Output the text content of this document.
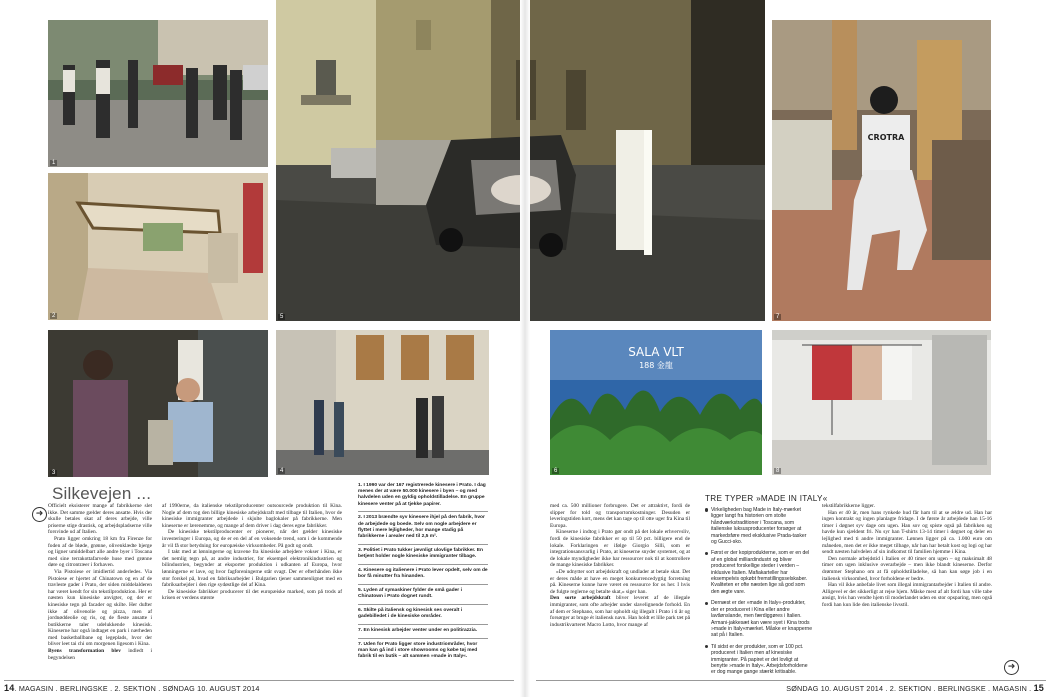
1
2	5
CROTRA
7
3	4
SALA VLT
188 金龍
6	8
Silkevejen ...
➜

Officielt eksisterer mange af fabrikkerne slet ikke. Det samme gælder deres ansatte. Hvis der skulle betales skat af deres arbejde, ville priserne stige drastisk, og arbejdspladserne ville forsvinde ud af Italien.

Prato ligger omkring 18 km fra Firenze for foden af de bløde, grønne, olivenklædte bjerge og ligner umiddelbart alle andre byer i Toscana med sine terrakottafarvede huse med grønne døre og citrontræer i forhaven.

Via Pistoiese er imidlertid anderledes. Via Pistoiese er hjertet af Chinatown og en af de travleste gader i Prato, der siden middelalderen har været kendt for sin tekstilproduktion. Her er næsten kun kinesiske anvigter, og der er kinesiske tegn på facader og skilte. Her dufter ikke af olivenolie og pizza, men af jordnøddeolie og ris, og de fleste ansatte i butikkerne taler udelukkende kinesisk. Kineserne har også indtaget en park i nærheden med basketballbane og legeplads, hvor der bliver leet tai chi om morgenen ligesom i Kina.

Byens transformation blev indledt i begyndelsen

af 1990erne, da italienske tekstilproducenter outsourcede produktion til Kina. Nogle af dem tog den billige kinesiske arbejdskraft med tilbage til Italien, hvor de kinesiske immigranter arbejdede i skjulte baglokaler på fabrikkerne. Men kineserne er lærenemme, og mange af dem driver i dag deres egne fabrikker.

De kinesiske tekstilproducenter er pionerer, når det gælder kinesiske investeringer i Europa, og de er en del af en voksende trend, som i de kommende år vil få stor betydning for europæiske virksomheder. På godt og ondt.

I takt med at lønningerne og kravene fra kinesiske arbejdere vokser i Kina, er det nemlig tegn på, at andre industrier, for eksempel elektronikindustrien og bilindustrien, begynder at eksporter produktion i udkanten af Europa, hvor lønningerne er lave, og hvor fagforeningerne står svagt. Der er efterhånden ikke stor forskel på, hvad en fabriksarbejder i Bulgarien tjener sammenlignet med en fabriksarbejder i den rige sydøstlige del af Kina.

De kinesiske fabrikker producerer til det europæiske marked, som på trods af krisen er verdens største

1. I 1990 var der 167 registrerede kinesere i Prato. I dag menes der at være 50.000 kinesere i byen – og med halvdelen uden en gyldig opholdstilladelse. En gruppe kinesere venter på at tjekke papirer.

2. I 2013 brændte syv kinesere ihjel på den fabrik, hvor de arbejdede og boede. Selv om nogle arbejdere er flyttet i mere lejligheder, hor mange stadig på fabrikkerne i arealer ned til 2,5 m².

3. Politiet i Prato tukker jævnligt ulovlige fabrikker. En betjent holder nogle kinesiske immigranter tilbage.

4. Kinesere og italienere i Prato lever opdelt, selv om de bor få minutter fra hinanden.

5. Lyden af symaskiner fylder de små gader i Chinatown i Prato dognet rundt.

6. Skilte på italiensk og kinesisk ses overalt i gadebilledet i de kinesiske områder.

7. En kinesisk arbejder venter under en politirazzia.

7. Uden for Prato ligger store industriområder, hvor man kan gå ind i store showrooms og købe tøj med fabrik til en butik – alt sammen »made in Italy«.

med ca. 500 millioner forbrugere. Det er attraktivt, fordi de slipper for told og transportomkostninger. Desuden er leveringstiden kort, mens det kan tage op til otte uger fra Kina til Europa.

Kineserne i indtog i Prato gør ondt på det lokale erhvervsliv, fordi de kinesiske fabrikker er op til 50 pct. billigere end de lokale. Forklaringen er ifølge Giorgio Silli, som er integrationsansvarlig i Prato, at kineserne snyder systemet, og at de lokale myndigheder ikke har ressourcer nok til at kontrollere de mange kinesiske fabrikker.

»De udnytter sort arbejdskraft og undlader at betale skat. Det er deres måde at have en meget konkurrencedygtig forretning på. Kineserne kunne have været en ressource for os her. I hvis de fulgte reglerne og betalte skat,« siger han.

Den sorte arbejdskraft bliver leveret af de illegale immigranter, som ofte arbejder under slavelignende forhold. En af dem er Stephano, som har opholdt sig illegalt i Prato i ti år og forsørger at bruge ét italiensk navn. Han holdt et lille park tæt på industrikvarteret Macro Lotto, hvor mange af

TRE TYPER »MADE IN ITALY«
Virkeligheden bag Made in Italy-mærket ligger langt fra historien om stolte håndværkstraditioner i Toscana, som italienske luksusproducenter forsøger at markedsføre med eksklusive Prada-tasker og Gucci-sko.
Først er der kopiprodukterne, som er en del af en global milliardindustri og bliver produceret forskellige steder i verden – inklusive Italien. Mafiakarteller har eksempelvis opkøbt fremstillingsselskaber. Kvaliteten er ofte næsten lige så god som den ægte vare.
Dernæst er der »made in Italy«-produkter, der er produceret i Kina eller andre lavtlønslande, men færdiggøres i Italien. Armani-jakkesæt kan være syet i Kina trods »made in Italy«mærket. Måske er knapperne sat på i Italien.
Til sidst er der produkter, som er 100 pct. produceret i Italien men af kinesiske immigranter. På papiret er det lovligt at benytte »made in Italy«. Arbejdsforholdene er dog mange gange stærkt kritisable.

tekstilfabrikkerne ligger.

Han er 40 år, men hans rynkede hud får ham til at se ældre ud. Han har ingen kontrakt og ingen planlagte fridage. I de første år arbejdede han 15-16 timer i døgnet syv dage om ugen. Han sov og spiste også på fabrikken og havde kun sjældent fri. Nu syr han T-shirts 13-14 timer i døgnet og deler en lejlighed med ti andre immigranter. Lønnen ligger på ca. 1.000 euro om måneden, men det er ikke meget tilbage, når han har betalt kost og logi og har sendt næsten halvdelen af sin indkomst til familien hjemme i Kina.

Den normale arbejdstid i Italien er 40 timer om ugen – og maksimalt 48 timer om ugen inklusive overarbejde – men ikke blandt kineserne. Derfor drømmer Stephano om at få opholdstilladelse, så han kan søge job i en italiensk virksomhed, hvor forholdene er bedre.

Han vil ikke anbefale livet som illegal immigrantarbejder i Italien til andre. Alligevel er det sikkerligt at rejse hjem. Måske mest af alt fordi han ville tabe ansigt, hvis han vendte hjem til moderlandet uden en stor opsparing, men også fordi han kun lide den italienske livsstil.

➜
14. MAGASIN . BERLINGSKE . 2. SEKTION . SØNDAG 10. AUGUST 2014	SØNDAG 10. AUGUST 2014 . 2. SEKTION . BERLINGSKE . MAGASIN . 15
